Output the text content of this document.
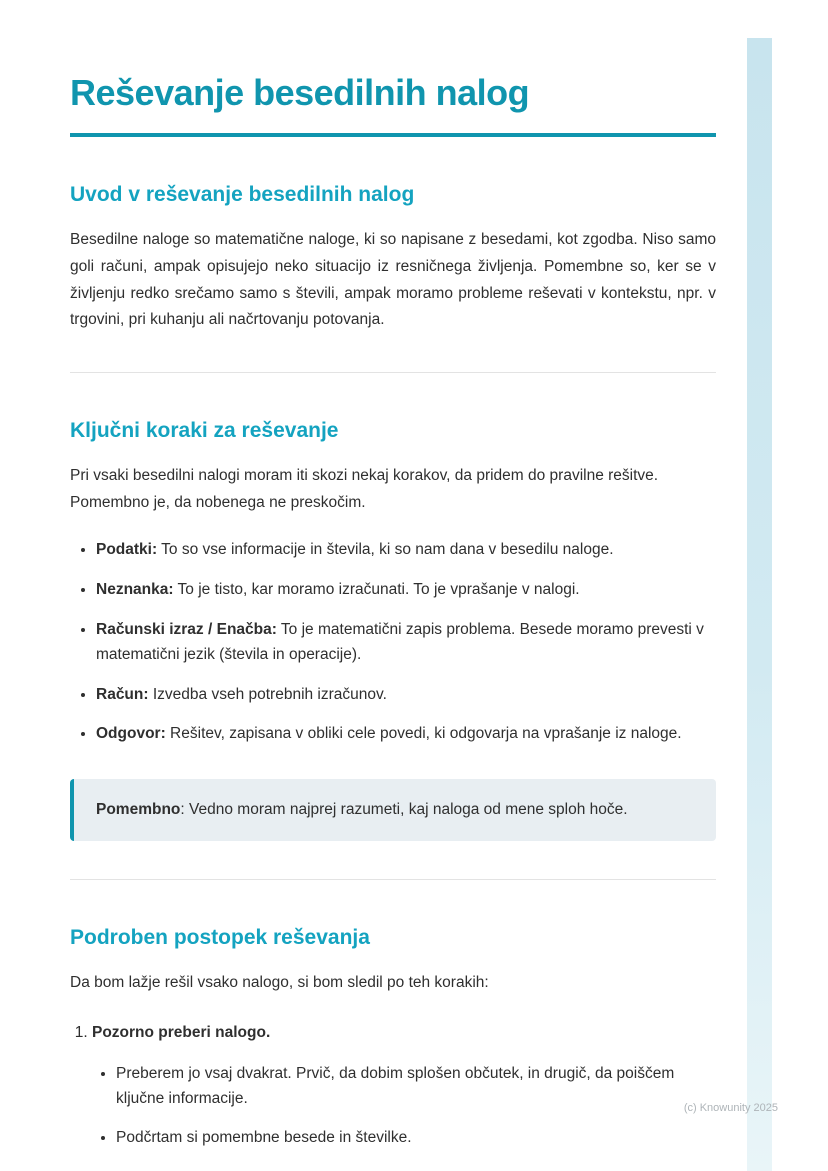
Reševanje besedilnih nalog
Uvod v reševanje besedilnih nalog

Besedilne naloge so matematične naloge, ki so napisane z besedami, kot zgodba. Niso samo goli računi, ampak opisujejo neko situacijo iz resničnega življenja. Pomembne so, ker se v življenju redko srečamo samo s števili, ampak moramo probleme reševati v kontekstu, npr. v trgovini, pri kuhanju ali načrtovanju potovanja.

Ključni koraki za reševanje

Pri vsaki besedilni nalogi moram iti skozi nekaj korakov, da pridem do pravilne rešitve. Pomembno je, da nobenega ne preskočim.

• Podatki: To so vse informacije in števila, ki so nam dana v besedilu naloge.
• Neznanka: To je tisto, kar moramo izračunati. To je vprašanje v nalogi.
• Računski izraz / Enačba: To je matematični zapis problema. Besede moramo prevesti v matematični jezik (števila in operacije).
• Račun: Izvedba vseh potrebnih izračunov.
• Odgovor: Rešitev, zapisana v obliki cele povedi, ki odgovarja na vprašanje iz naloge.
Pomembno: Vedno moram najprej razumeti, kaj naloga od mene sploh hoče.
Podroben postopek reševanja

Da bom lažje rešil vsako nalogo, si bom sledil po teh korakih:

1. Pozorno preberi nalogo.
• Preberem jo vsaj dvakrat. Prvič, da dobim splošen občutek, in drugič, da poiščem ključne informacije.
• Podčrtam si pomembne besede in številke.
(c) Knowunity 2025
